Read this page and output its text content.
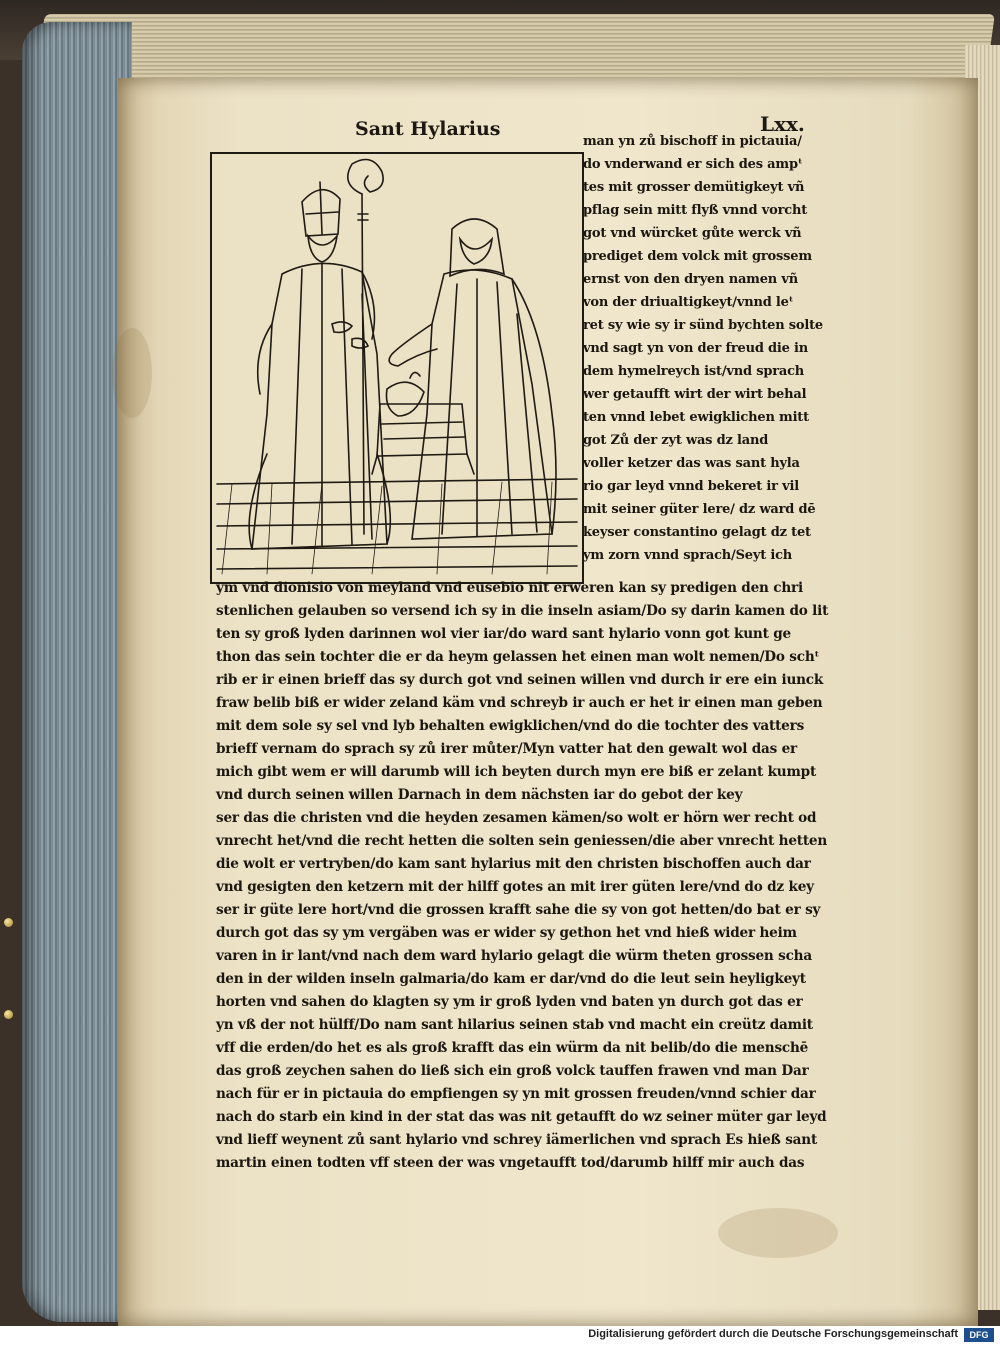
Sant Hylarius	Lxx.
man yn zů bischoff in pictauia/
do vnderwand er sich des ampᵗ
tes mit grosser demütigkeyt vñ
pflag sein mitt flyß vnnd vorcht
got vnd würcket gůte werck vñ
prediget dem volck mit grossem
ernst von den dryen namen vñ
von der driualtigkeyt/vnnd leᵗ
ret sy wie sy ir sünd bychten solte
vnd sagt yn von der freud die in
dem hymelreych ist/vnd sprach
wer getaufft wirt der wirt behal
ten vnnd lebet ewigklichen mitt
got Zů der zyt was dz land
voller ketzer das was sant hyla
rio gar leyd vnnd bekeret ir vil
mit seiner güter lere/ dz ward dē
keyser constantino gelagt dz tet
ym zorn vnnd sprach/Seyt ich
ym vnd dionisio von meyland vnd eusebio nit erweren kan sy predigen den chri
stenlichen gelauben so versend ich sy in die inseln asiam/Do sy darin kamen do lit
ten sy groß lyden darinnen wol vier iar/do ward sant hylario vonn got kunt ge
thon das sein tochter die er da heym gelassen het einen man wolt nemen/Do schᵗ
rib er ir einen brieff das sy durch got vnd seinen willen vnd durch ir ere ein iunck
fraw belib biß er wider zeland käm vnd schreyb ir auch er het ir einen man geben
mit dem sole sy sel vnd lyb behalten ewigklichen/vnd do die tochter des vatters
brieff vernam do sprach sy zů irer můter/Myn vatter hat den gewalt wol das er
mich gibt wem er will darumb will ich beyten durch myn ere biß er zelant kumpt
vnd durch seinen willen Darnach in dem nächsten iar do gebot der key
ser das die christen vnd die heyden zesamen kämen/so wolt er hörn wer recht od
vnrecht het/vnd die recht hetten die solten sein geniessen/die aber vnrecht hetten
die wolt er vertryben/do kam sant hylarius mit den christen bischoffen auch dar
vnd gesigten den ketzern mit der hilff gotes an mit irer güten lere/vnd do dz key
ser ir güte lere hort/vnd die grossen krafft sahe die sy von got hetten/do bat er sy
durch got das sy ym vergäben was er wider sy gethon het vnd hieß wider heim
varen in ir lant/vnd nach dem ward hylario gelagt die würm theten grossen scha
den in der wilden inseln galmaria/do kam er dar/vnd do die leut sein heyligkeyt
horten vnd sahen do klagten sy ym ir groß lyden vnd baten yn durch got das er
yn vß der not hülff/Do nam sant hilarius seinen stab vnd macht ein creütz damit
vff die erden/do het es als groß krafft das ein würm da nit belib/do die menschē
das groß zeychen sahen do ließ sich ein groß volck tauffen frawen vnd man Dar
nach für er in pictauia do empfiengen sy yn mit grossen freuden/vnnd schier dar
nach do starb ein kind in der stat das was nit getaufft do wz seiner müter gar leyd
vnd lieff weynent zů sant hylario vnd schrey iämerlichen vnd sprach Es hieß sant
martin einen todten vff steen der was vngetaufft tod/darumb hilff mir auch das
Digitalisierung gefördert durch die Deutsche Forschungsgemeinschaft	DFG
